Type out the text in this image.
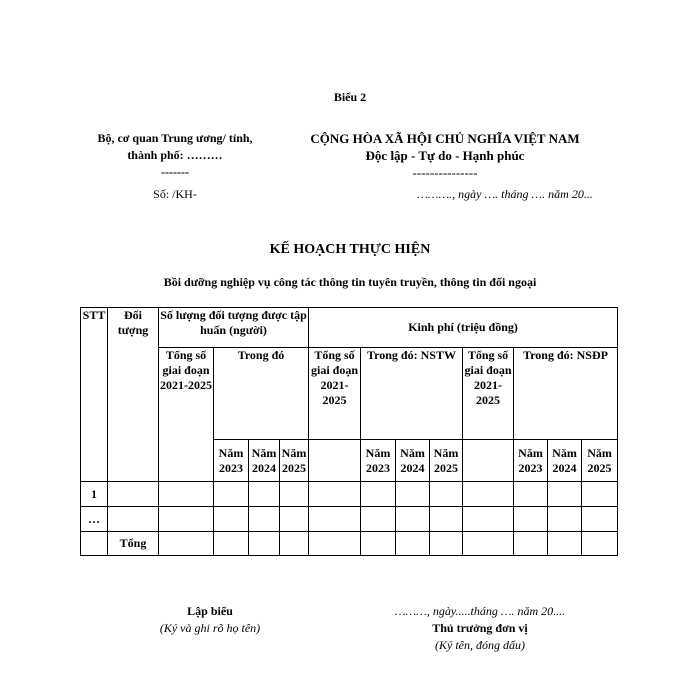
Biểu 2
Bộ, cơ quan Trung ương/ tỉnh,
thành phố: ………
-------
Số: /KH-
CỘNG HÒA XÃ HỘI CHỦ NGHĨA VIỆT NAM
Độc lập - Tự do - Hạnh phúc
---------------
………., ngày …. tháng …. năm 20...
KẾ HOẠCH THỰC HIỆN
Bồi dưỡng nghiệp vụ công tác thông tin tuyên truyền, thông tin đối ngoại
STT	Đối tượng	Số lượng đối tượng được tập huấn (người)				Kinh phí (triệu đồng)							
		Tổng số giai đoạn 2021-2025	Trong đó			Tổng số giai đoạn 2021-2025	Trong đó: NSTW			Tổng số giai đoạn 2021-2025	Trong đó: NSĐP		
			Năm 2023	Năm 2024	Năm 2025		Năm 2023	Năm 2024	Năm 2025		Năm 2023	Năm 2024	Năm 2025
1													
…													
	Tổng												
Lập biểu
(Ký và ghi rõ họ tên)
………, ngày.....tháng …. năm 20....
Thủ trưởng đơn vị
(Ký tên, đóng dấu)
